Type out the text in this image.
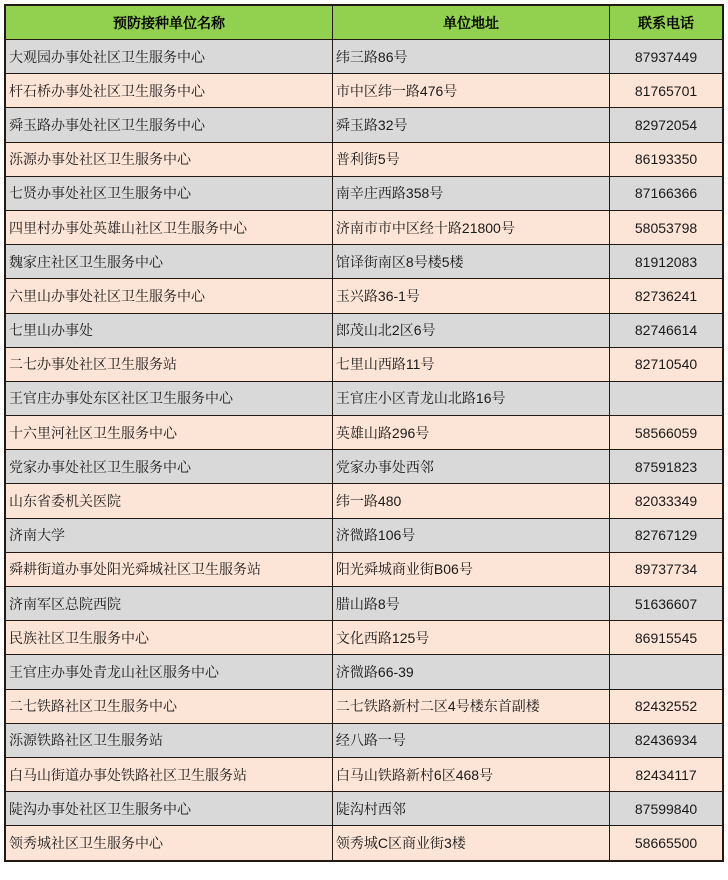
预防接种单位名称	单位地址	联系电话
大观园办事处社区卫生服务中心	纬三路86号	87937449
杆石桥办事处社区卫生服务中心	市中区纬一路476号	81765701
舜玉路办事处社区卫生服务中心	舜玉路32号	82972054
泺源办事处社区卫生服务中心	普利街5号	86193350
七贤办事处社区卫生服务中心	南辛庄西路358号	87166366
四里村办事处英雄山社区卫生服务中心	济南市市中区经十路21800号	58053798
魏家庄社区卫生服务中心	馆译街南区8号楼5楼	81912083
六里山办事处社区卫生服务中心	玉兴路36-1号	82736241
七里山办事处	郎茂山北2区6号	82746614
二七办事处社区卫生服务站	七里山西路11号	82710540
王官庄办事处东区社区卫生服务中心	王官庄小区青龙山北路16号	
十六里河社区卫生服务中心	英雄山路296号	58566059
党家办事处社区卫生服务中心	党家办事处西邻	87591823
山东省委机关医院	纬一路480	82033349
济南大学	济微路106号	82767129
舜耕街道办事处阳光舜城社区卫生服务站	阳光舜城商业街B06号	89737734
济南军区总院西院	腊山路8号	51636607
民族社区卫生服务中心	文化西路125号	86915545
王官庄办事处青龙山社区服务中心	济微路66-39	
二七铁路社区卫生服务中心	二七铁路新村二区4号楼东首副楼	82432552
泺源铁路社区卫生服务站	经八路一号	82436934
白马山街道办事处铁路社区卫生服务站	白马山铁路新村6区468号	82434117
陡沟办事处社区卫生服务中心	陡沟村西邻	87599840
领秀城社区卫生服务中心	领秀城C区商业街3楼	58665500
